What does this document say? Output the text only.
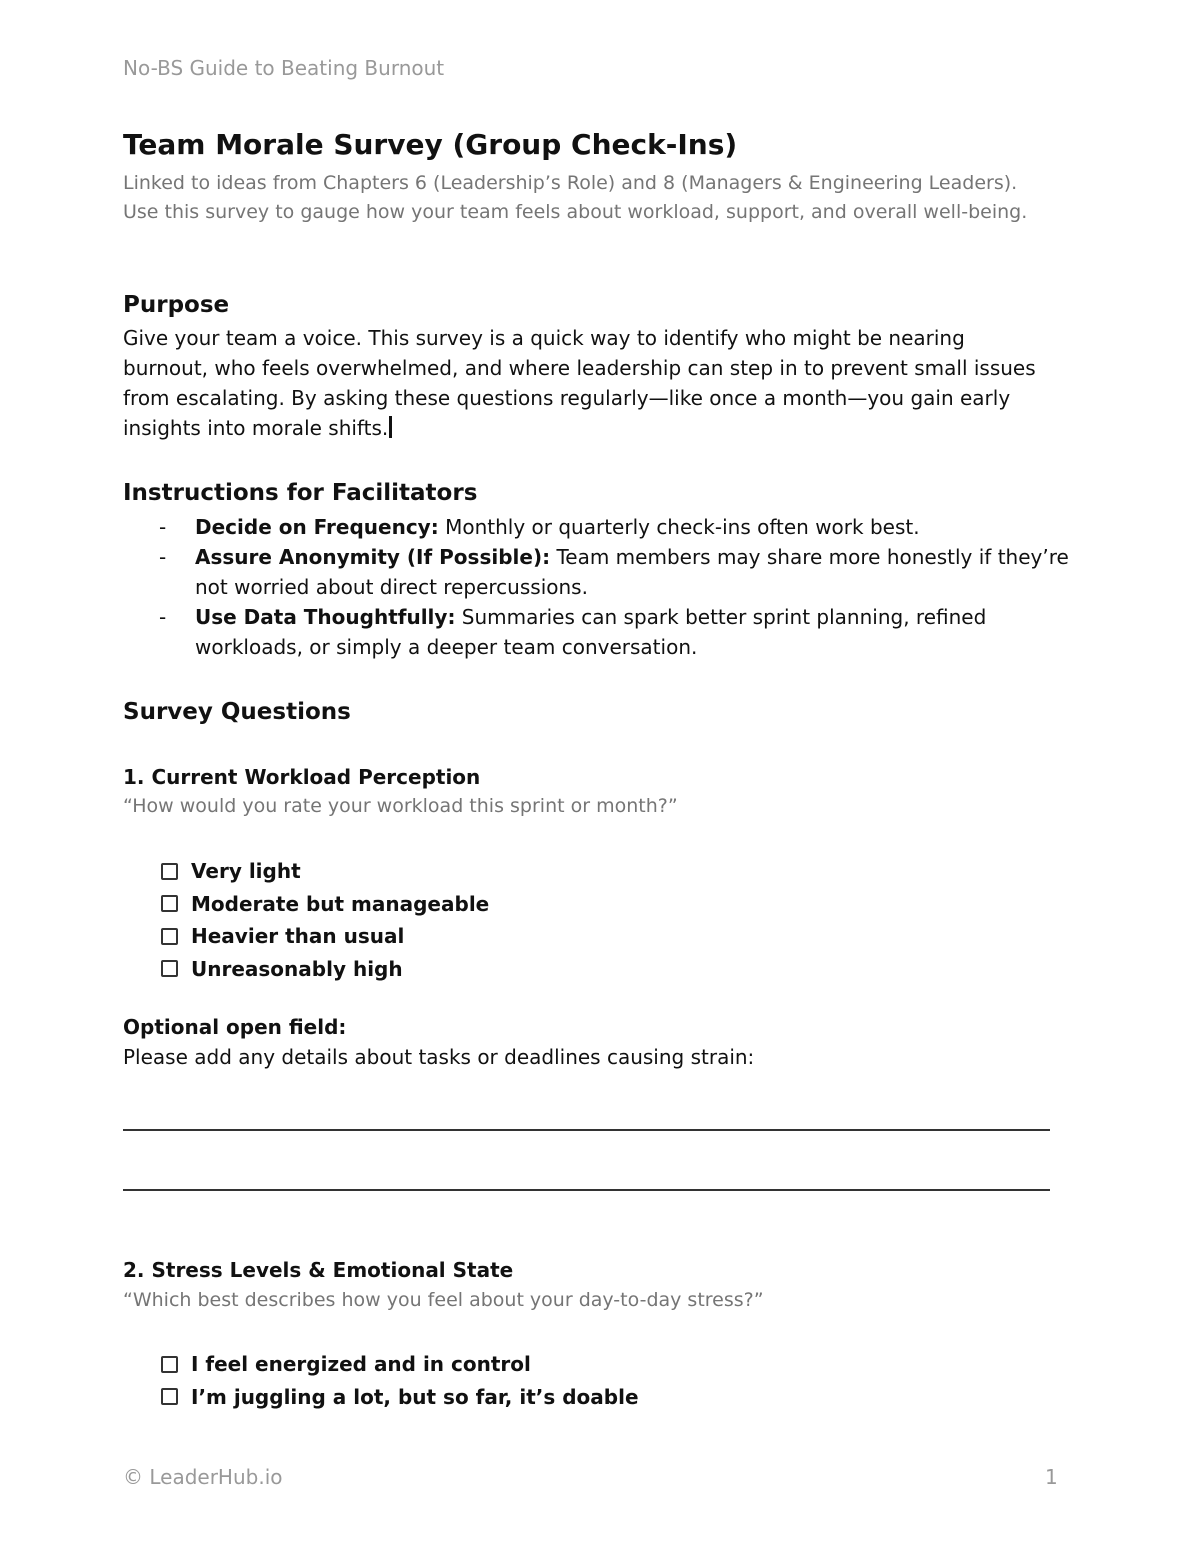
No-BS Guide to Beating Burnout
Team Morale Survey (Group Check-Ins)
Linked to ideas from Chapters 6 (Leadership’s Role) and 8 (Managers & Engineering Leaders).
Use this survey to gauge how your team feels about workload, support, and overall well-being.
Purpose
Give your team a voice. This survey is a quick way to identify who might be nearing
burnout, who feels overwhelmed, and where leadership can step in to prevent small issues
from escalating. By asking these questions regularly—like once a month—you gain early
insights into morale shifts.
Instructions for Facilitators
- Decide on Frequency: Monthly or quarterly check-ins often work best.
- Assure Anonymity (If Possible): Team members may share more honestly if they’re not worried about direct repercussions.
- Use Data Thoughtfully: Summaries can spark better sprint planning, refined workloads, or simply a deeper team conversation.
Survey Questions
1. Current Workload Perception
“How would you rate your workload this sprint or month?”
Very light
Moderate but manageable
Heavier than usual
Unreasonably high
Optional open field:
Please add any details about tasks or deadlines causing strain:
2. Stress Levels & Emotional State
“Which best describes how you feel about your day-to-day stress?”
I feel energized and in control
I’m juggling a lot, but so far, it’s doable
© LeaderHub.io	1
